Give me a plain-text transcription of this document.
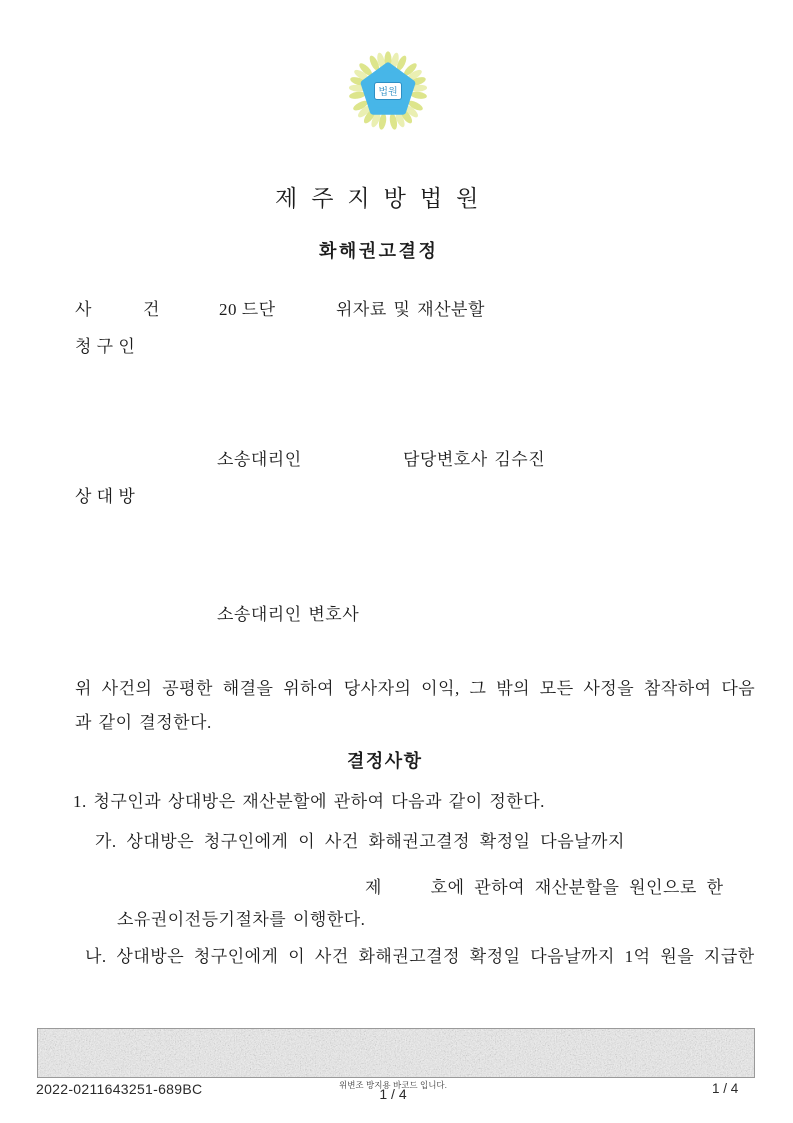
법원
제주지방법원
화해권고결정
사	건	20 드단	위자료 및 재산분할
청 구 인
소송대리인	담당변호사 김수진
상 대 방
소송대리인 변호사
위 사건의 공평한 해결을 위하여 당사자의 이익, 그 밖의 모든 사정을 참작하여 다음
과 같이 결정한다.
결정사항
1. 청구인과 상대방은 재산분할에 관하여 다음과 같이 정한다.
가. 상대방은 청구인에게 이 사건 화해권고결정 확정일 다음날까지
제     호에 관하여 재산분할을 원인으로 한
소유권이전등기절차를 이행한다.
나. 상대방은 청구인에게 이 사건 화해권고결정 확정일 다음날까지 1억 원을 지급한
2022-0211643251-689BC	위변조 방지용 바코드 입니다.
1 / 4	1 / 4
